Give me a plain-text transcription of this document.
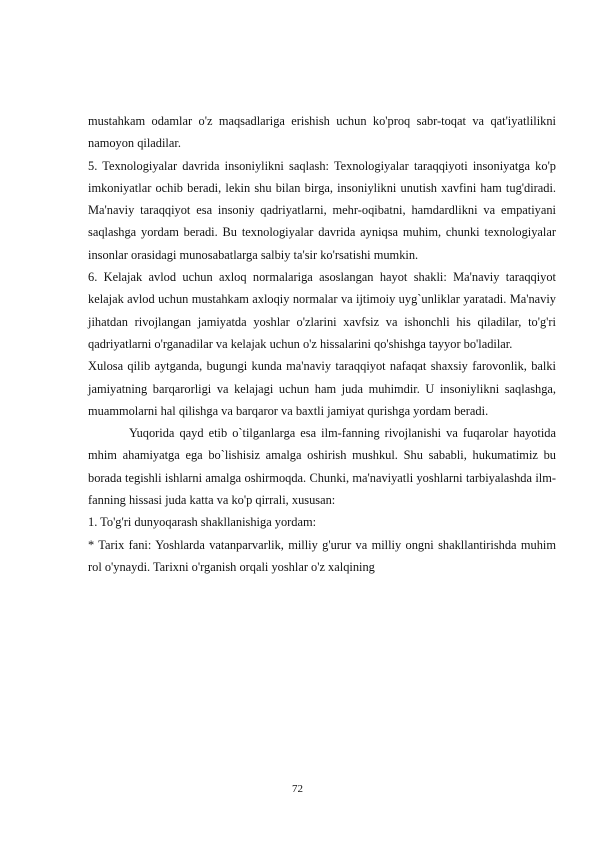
mustahkam odamlar o'z maqsadlariga erishish uchun ko'proq sabr-toqat va qat'iyatlilikni namoyon qiladilar.

5. Texnologiyalar davrida insoniylikni saqlash: Texnologiyalar taraqqiyoti insoniyatga ko'p imkoniyatlar ochib beradi, lekin shu bilan birga, insoniylikni unutish xavfini ham tug'diradi. Ma'naviy taraqqiyot esa insoniy qadriyatlarni, mehr-oqibatni, hamdardlikni va empatiyani saqlashga yordam beradi. Bu texnologiyalar davrida ayniqsa muhim, chunki texnologiyalar insonlar orasidagi munosabatlarga salbiy ta'sir ko'rsatishi mumkin.

6. Kelajak avlod uchun axloq normalariga asoslangan hayot shakli: Ma'naviy taraqqiyot kelajak avlod uchun mustahkam axloqiy normalar va ijtimoiy uyg`unliklar yaratadi. Ma'naviy jihatdan rivojlangan jamiyatda yoshlar o'zlarini xavfsiz va ishonchli his qiladilar, to'g'ri qadriyatlarni o'rganadilar va kelajak uchun o'z hissalarini qo'shishga tayyor bo'ladilar.

Xulosa qilib aytganda, bugungi kunda ma'naviy taraqqiyot nafaqat shaxsiy farovonlik, balki jamiyatning barqarorligi va kelajagi uchun ham juda muhimdir. U insoniylikni saqlashga, muammolarni hal qilishga va barqaror va baxtli jamiyat qurishga yordam beradi.

Yuqorida qayd etib o`tilganlarga esa ilm-fanning rivojlanishi va fuqarolar hayotida mhim ahamiyatga ega bo`lishisiz amalga oshirish mushkul. Shu sababli, hukumatimiz bu borada tegishli ishlarni amalga oshirmoqda. Chunki, ma'naviyatli yoshlarni tarbiyalashda ilm-fanning hissasi juda katta va ko'p qirrali, xususan:

1. To'g'ri dunyoqarash shakllanishiga yordam:

* Tarix fani: Yoshlarda vatanparvarlik, milliy g'urur va milliy ongni shakllantirishda muhim rol o'ynaydi. Tarixni o'rganish orqali yoshlar o'z xalqining

72
